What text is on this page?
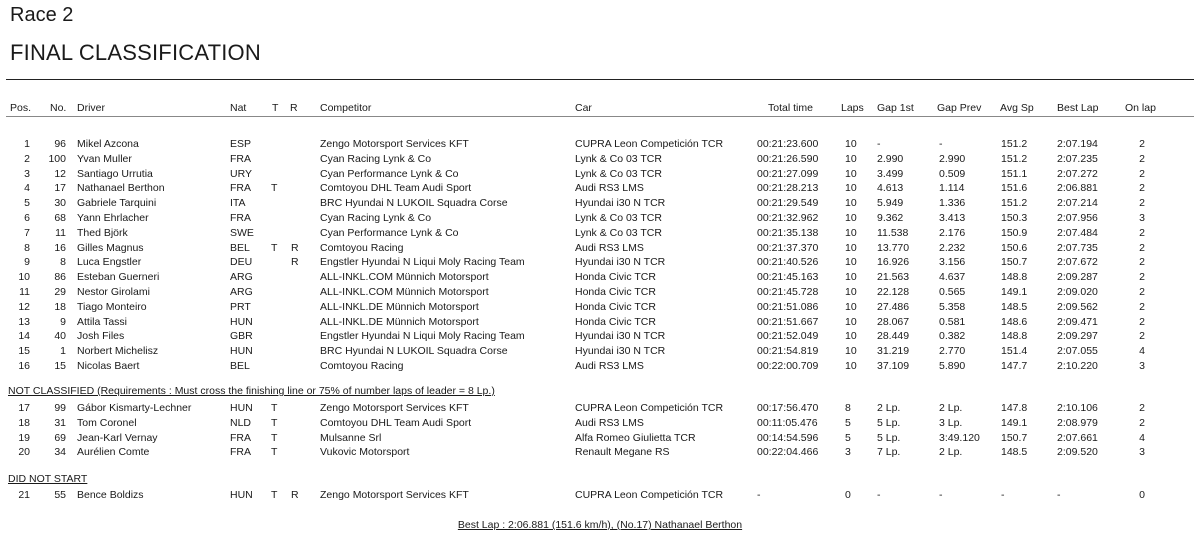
Race 2
FINAL CLASSIFICATION
Pos. No. Driver	Nat T R Competitor	Car	Total time	Laps Gap 1st Gap Prev Avg Sp Best Lap	On lap
1	96 Mikel Azcona	ESP	Zengo Motorsport Services KFT	CUPRA Leon Competición TCR	00:21:23.600	10 -	-	151.2	2:07.194	2
2	100 Yvan Muller	FRA	Cyan Racing Lynk & Co	Lynk & Co 03 TCR	00:21:26.590	10 2.990	2.990	151.2	2:07.235	2
3	12 Santiago Urrutia	URY	Cyan Performance Lynk & Co	Lynk & Co 03 TCR	00:21:27.099	10 3.499	0.509	151.1	2:07.272	2
4	17 Nathanael Berthon	FRA T	Comtoyou DHL Team Audi Sport	Audi RS3 LMS	00:21:28.213	10 4.613	1.114	151.6	2:06.881	2
5	30 Gabriele Tarquini	ITA	BRC Hyundai N LUKOIL Squadra Corse	Hyundai i30 N TCR	00:21:29.549	10 5.949	1.336	151.2	2:07.214	2
6	68 Yann Ehrlacher	FRA	Cyan Racing Lynk & Co	Lynk & Co 03 TCR	00:21:32.962	10 9.362	3.413	150.3	2:07.956	3
7	11 Thed Björk	SWE	Cyan Performance Lynk & Co	Lynk & Co 03 TCR	00:21:35.138	10 11.538	2.176	150.9	2:07.484	2
8	16 Gilles Magnus	BEL T R Comtoyou Racing	Audi RS3 LMS	00:21:37.370	10 13.770	2.232	150.6	2:07.735	2
9	8 Luca Engstler	DEU	R Engstler Hyundai N Liqui Moly Racing Team	Hyundai i30 N TCR	00:21:40.526	10 16.926	3.156	150.7	2:07.672	2
10	86 Esteban Guerneri	ARG	ALL-INKL.COM Münnich Motorsport	Honda Civic TCR	00:21:45.163	10 21.563	4.637	148.8	2:09.287	2
11	29 Nestor Girolami	ARG	ALL-INKL.COM Münnich Motorsport	Honda Civic TCR	00:21:45.728	10 22.128	0.565	149.1	2:09.020	2
12	18 Tiago Monteiro	PRT	ALL-INKL.DE Münnich Motorsport	Honda Civic TCR	00:21:51.086	10 27.486	5.358	148.5	2:09.562	2
13	9 Attila Tassi	HUN	ALL-INKL.DE Münnich Motorsport	Honda Civic TCR	00:21:51.667	10 28.067	0.581	148.6	2:09.471	2
14	40 Josh Files	GBR	Engstler Hyundai N Liqui Moly Racing Team	Hyundai i30 N TCR	00:21:52.049	10 28.449	0.382	148.8	2:09.297	2
15	1 Norbert Michelisz	HUN	BRC Hyundai N LUKOIL Squadra Corse	Hyundai i30 N TCR	00:21:54.819	10 31.219	2.770	151.4	2:07.055	4
16	15 Nicolas Baert	BEL	Comtoyou Racing	Audi RS3 LMS	00:22:00.709	10 37.109	5.890	147.7	2:10.220	3
NOT CLASSIFIED (Requirements : Must cross the finishing line or 75% of number laps of leader = 8 Lp.)
17	99 Gábor Kismarty-Lechner	HUN T	Zengo Motorsport Services KFT	CUPRA Leon Competición TCR	00:17:56.470	8 2 Lp.	2 Lp.	147.8	2:10.106	2
18	31 Tom Coronel	NLD T	Comtoyou DHL Team Audi Sport	Audi RS3 LMS	00:11:05.476	5 5 Lp.	3 Lp.	149.1	2:08.979	2
19	69 Jean-Karl Vernay	FRA T	Mulsanne Srl	Alfa Romeo Giulietta TCR	00:14:54.596	5 5 Lp.	3:49.120 150.7	2:07.661	4
20	34 Aurélien Comte	FRA T	Vukovic Motorsport	Renault Megane RS	00:22:04.466	3 7 Lp.	2 Lp.	148.5	2:09.520	3
DID NOT START
21	55 Bence Boldizs	HUN T R Zengo Motorsport Services KFT	CUPRA Leon Competición TCR	-	0 -	-	-	-	0
Best Lap : 2:06.881 (151.6 km/h), (No.17) Nathanael Berthon
